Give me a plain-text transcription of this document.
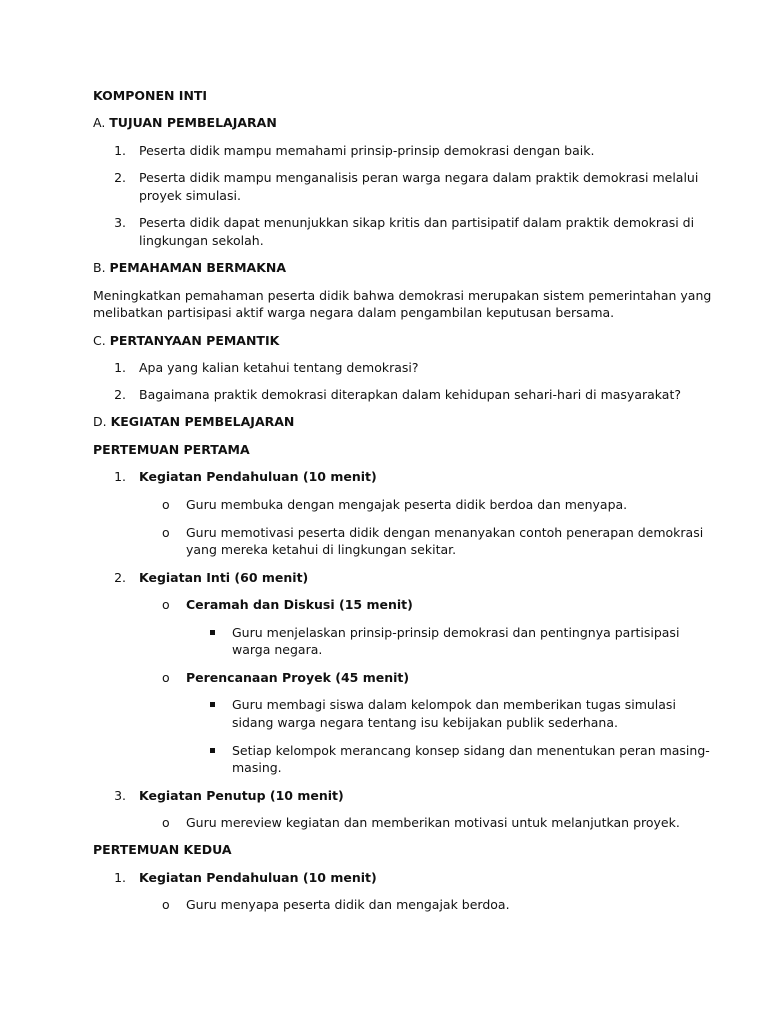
KOMPONEN INTI
A. TUJUAN PEMBELAJARAN
1. Peserta didik mampu memahami prinsip-prinsip demokrasi dengan baik.
2. Peserta didik mampu menganalisis peran warga negara dalam praktik demokrasi melalui
proyek simulasi.
3. Peserta didik dapat menunjukkan sikap kritis dan partisipatif dalam praktik demokrasi di
lingkungan sekolah.
B. PEMAHAMAN BERMAKNA
Meningkatkan pemahaman peserta didik bahwa demokrasi merupakan sistem pemerintahan yang
melibatkan partisipasi aktif warga negara dalam pengambilan keputusan bersama.
C. PERTANYAAN PEMANTIK
1. Apa yang kalian ketahui tentang demokrasi?
2. Bagaimana praktik demokrasi diterapkan dalam kehidupan sehari-hari di masyarakat?
D. KEGIATAN PEMBELAJARAN
PERTEMUAN PERTAMA
1. Kegiatan Pendahuluan (10 menit)
o	Guru membuka dengan mengajak peserta didik berdoa dan menyapa.
o	Guru memotivasi peserta didik dengan menanyakan contoh penerapan demokrasi
yang mereka ketahui di lingkungan sekitar.
2. Kegiatan Inti (60 menit)
o	Ceramah dan Diskusi (15 menit)
Guru menjelaskan prinsip-prinsip demokrasi dan pentingnya partisipasi
warga negara.
o	Perencanaan Proyek (45 menit)
Guru membagi siswa dalam kelompok dan memberikan tugas simulasi
sidang warga negara tentang isu kebijakan publik sederhana.
Setiap kelompok merancang konsep sidang dan menentukan peran masing-
masing.
3. Kegiatan Penutup (10 menit)
o	Guru mereview kegiatan dan memberikan motivasi untuk melanjutkan proyek.
PERTEMUAN KEDUA
1. Kegiatan Pendahuluan (10 menit)
o	Guru menyapa peserta didik dan mengajak berdoa.
